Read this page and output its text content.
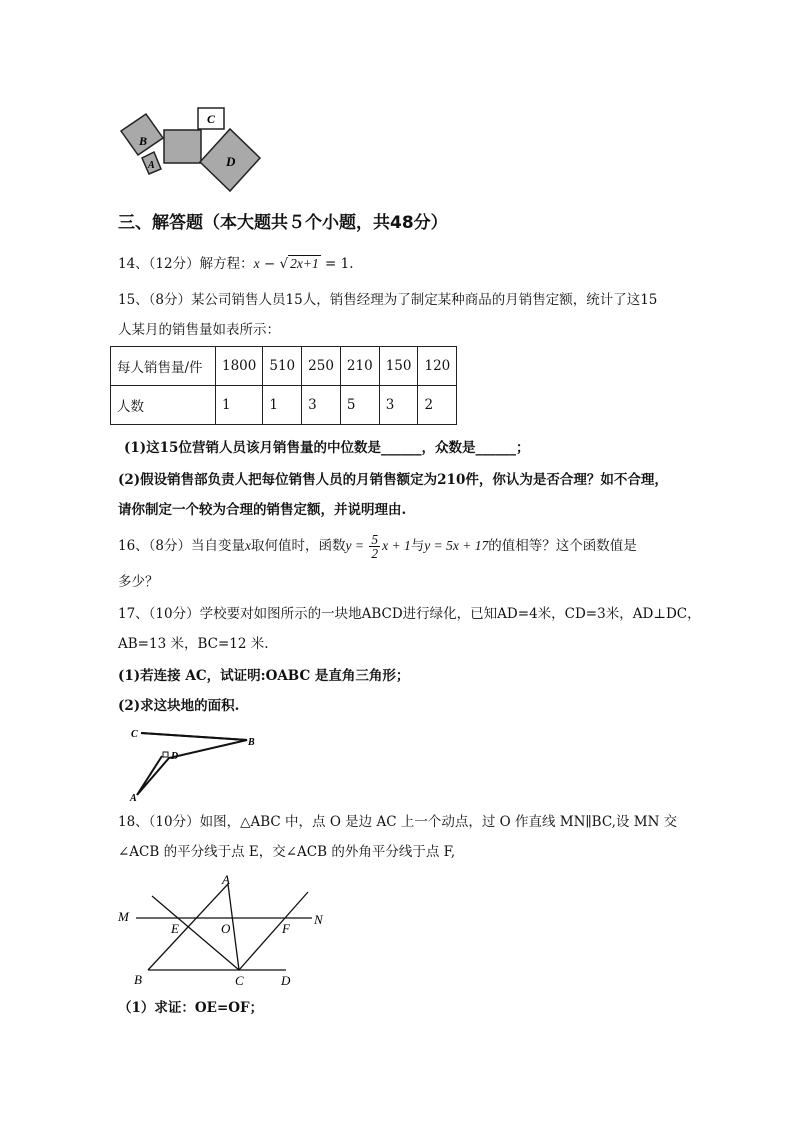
B
A
C
D
三、解答题（本大题共５个小题，共48分）
14、（12分）解方程：x − √ 2x+1 = 1.
15、（8分）某公司销售人员15人，销售经理为了制定某种商品的月销售定额，统计了这15
人某月的销售量如表所示：
每人销售量/件	1800	510	250	210	150	120
人数	1	1	3	5	3	2
(1)这15位营销人员该月销售量的中位数是______，众数是______；
(2)假设销售部负责人把每位销售人员的月销售额定为210件，你认为是否合理？如不合理，
请你制定一个较为合理的销售定额，并说明理由.
16、（8分）当自变量x取何值时，函数$y = \frac{5}{2}$ x + 1与y = 5x + 17的值相等？这个函数值是
多少？
17、（10分）学校要对如图所示的一块地ABCD进行绿化，已知AD=4米，CD=3米，AD⊥DC，
AB=13 米，BC=12 米.
(1)若连接 AC，试证明:OABC 是直角三角形；
(2)求这块地的面积.
C
B
D
A
18、（10分）如图，△ABC 中，点 O 是边 AC 上一个动点，过 O 作直线 MN∥BC,设 MN 交
∠ACB 的平分线于点 E，交∠ACB 的外角平分线于点 F,
A
M	N
E	O	F
B	C	D
（1）求证：OE=OF；
